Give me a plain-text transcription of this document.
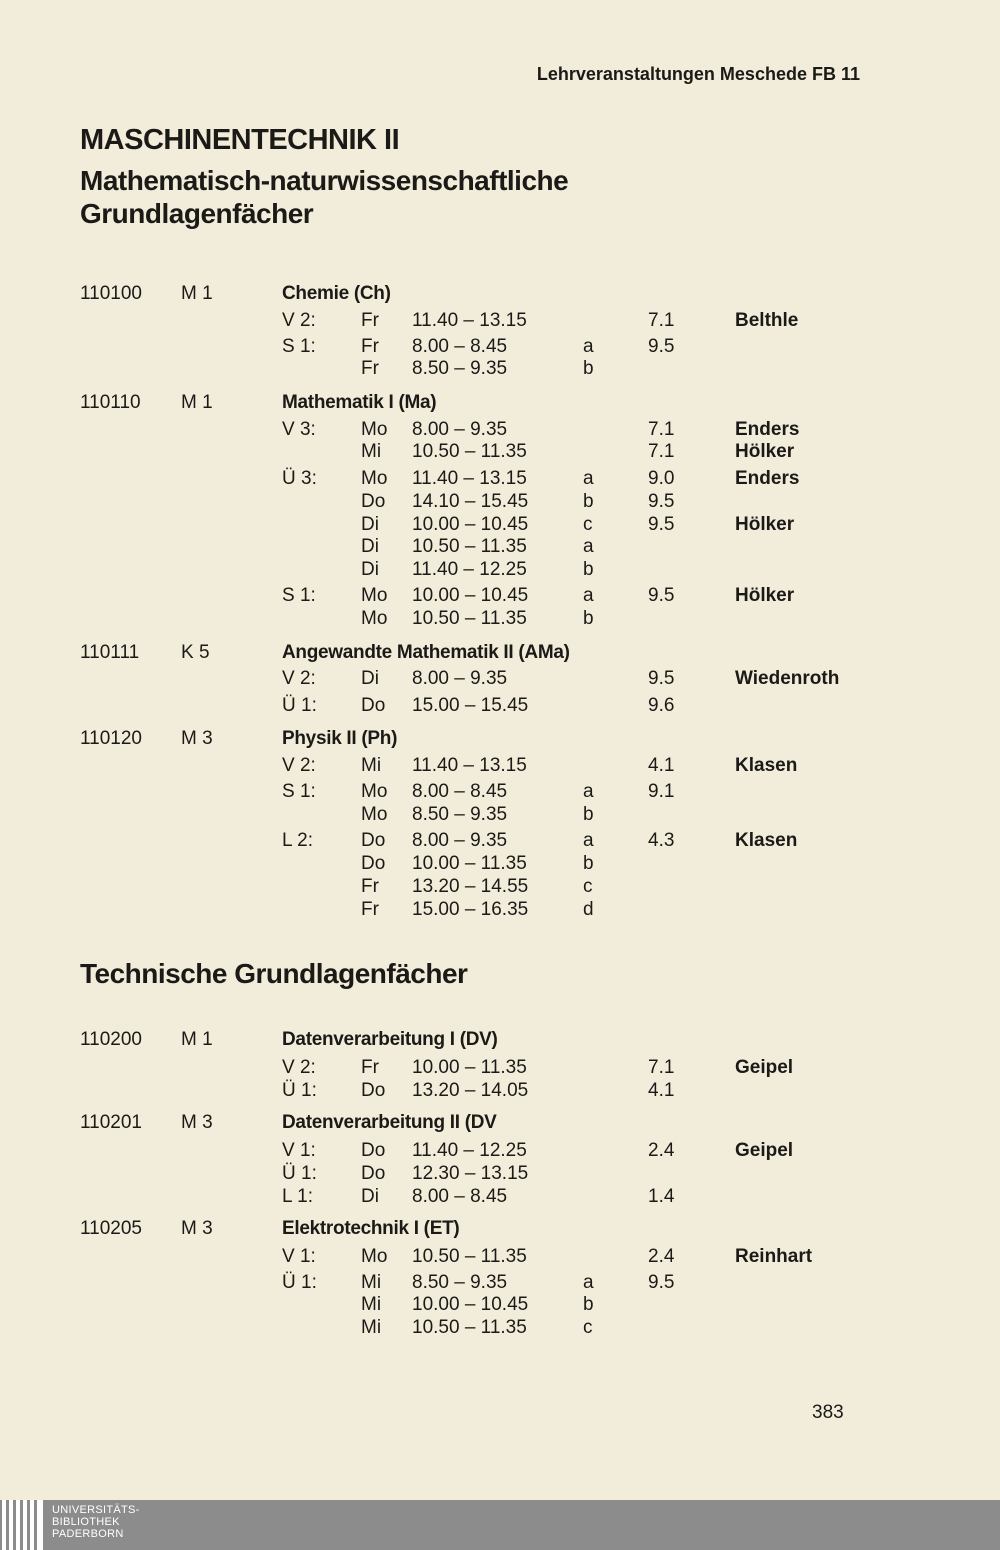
Lehrveranstaltungen Meschede FB 11
MASCHINENTECHNIK II
Mathematisch-naturwissenschaftliche
Grundlagenfächer
110100 M 1	Chemie (Ch)
V 2: Fr 11.40 – 13.15	7.1	Belthle
S 1: Fr 8.00 – 8.45	a	9.5
Fr 8.50 – 9.35	b
110110 M 1	Mathematik I (Ma)
V 3: Mo 8.00 – 9.35	7.1	Enders
Mi 10.50 – 11.35	7.1	Hölker
Ü 3: Mo 11.40 – 13.15	a	9.0	Enders
Do 14.10 – 15.45	b	9.5
Di 10.00 – 10.45	c	9.5	Hölker
Di 10.50 – 11.35	a
Di 11.40 – 12.25	b
S 1: Mo 10.00 – 10.45	a	9.5	Hölker
Mo 10.50 – 11.35	b
110111 K 5	Angewandte Mathematik II (AMa)
V 2: Di 8.00 – 9.35	9.5	Wiedenroth
Ü 1: Do 15.00 – 15.45	9.6
110120 M 3	Physik II (Ph)
V 2: Mi 11.40 – 13.15	4.1	Klasen
S 1: Mo 8.00 – 8.45	a	9.1
Mo 8.50 – 9.35	b
L 2:	Do 8.00 – 9.35	a	4.3	Klasen
Do 10.00 – 11.35	b
Fr 13.20 – 14.55	c
Fr 15.00 – 16.35	d
Technische Grundlagenfächer
110200 M 1	Datenverarbeitung I (DV)
V 2: Fr 10.00 – 11.35	7.1	Geipel
Ü 1: Do 13.20 – 14.05	4.1
110201 M 3	Datenverarbeitung II (DV
V 1: Do 11.40 – 12.25	2.4	Geipel
Ü 1: Do 12.30 – 13.15
L 1:	Di 8.00 – 8.45	1.4
110205 M 3	Elektrotechnik I (ET)
V 1: Mo 10.50 – 11.35	2.4	Reinhart
Ü 1: Mi 8.50 – 9.35	a	9.5
Mi 10.00 – 10.45	b
Mi 10.50 – 11.35	c
383
UNIVERSITÄTS-
BIBLIOTHEK
PADERBORN
